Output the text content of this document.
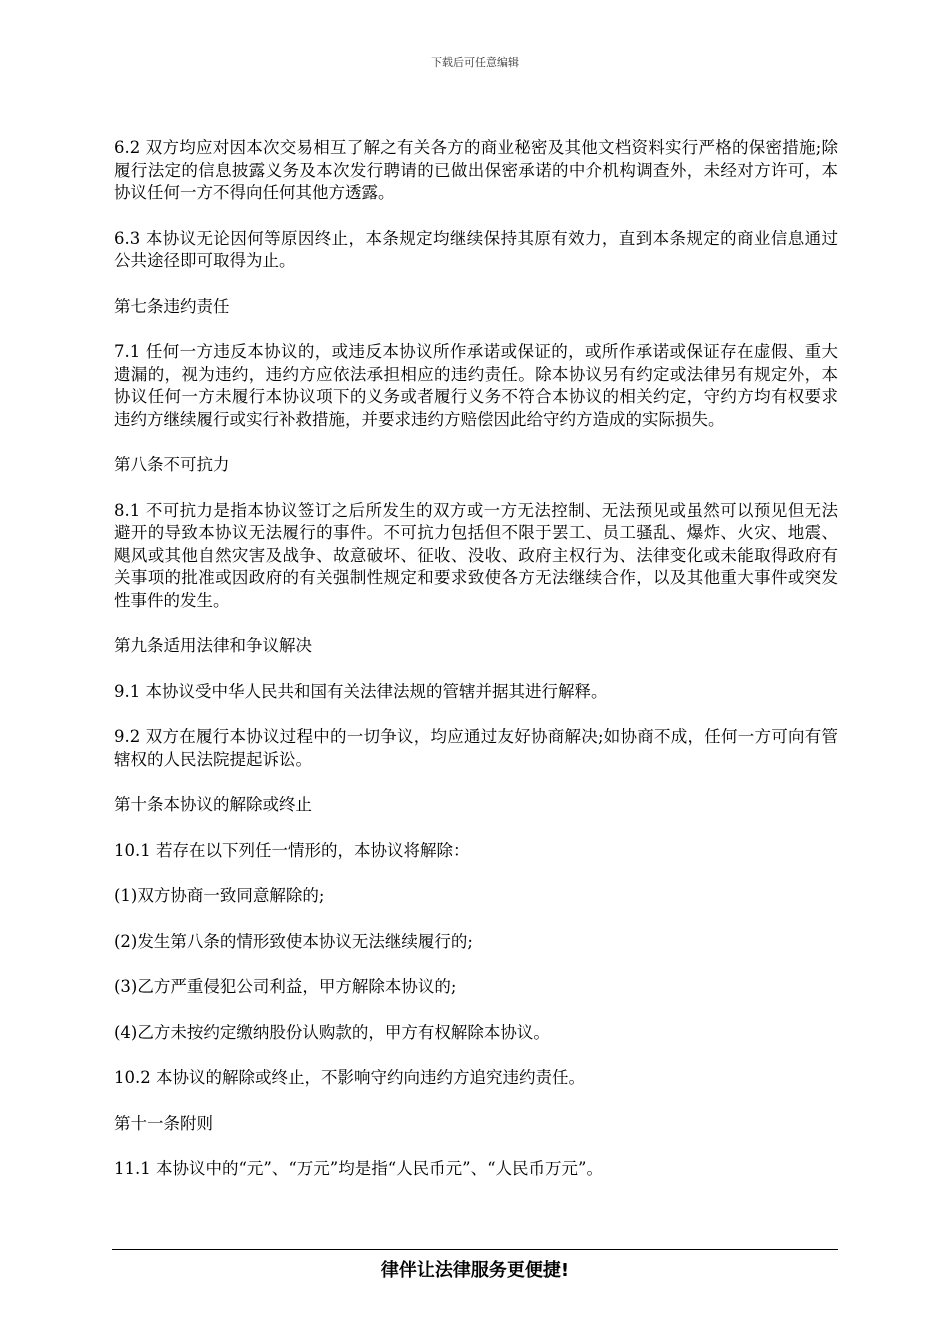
下载后可任意编辑

6.2 双方均应对因本次交易相互了解之有关各方的商业秘密及其他文档资料实行严格的保密措施;除履行法定的信息披露义务及本次发行聘请的已做出保密承诺的中介机构调查外，未经对方许可，本协议任何一方不得向任何其他方透露。

6.3 本协议无论因何等原因终止，本条规定均继续保持其原有效力，直到本条规定的商业信息通过公共途径即可取得为止。

第七条违约责任

7.1 任何一方违反本协议的，或违反本协议所作承诺或保证的，或所作承诺或保证存在虚假、重大遗漏的，视为违约，违约方应依法承担相应的违约责任。除本协议另有约定或法律另有规定外，本协议任何一方未履行本协议项下的义务或者履行义务不符合本协议的相关约定，守约方均有权要求违约方继续履行或实行补救措施，并要求违约方赔偿因此给守约方造成的实际损失。

第八条不可抗力

8.1 不可抗力是指本协议签订之后所发生的双方或一方无法控制、无法预见或虽然可以预见但无法避开的导致本协议无法履行的事件。不可抗力包括但不限于罢工、员工骚乱、爆炸、火灾、地震、飓风或其他自然灾害及战争、故意破坏、征收、没收、政府主权行为、法律变化或未能取得政府有关事项的批准或因政府的有关强制性规定和要求致使各方无法继续合作，以及其他重大事件或突发性事件的发生。

第九条适用法律和争议解决

9.1 本协议受中华人民共和国有关法律法规的管辖并据其进行解释。

9.2 双方在履行本协议过程中的一切争议，均应通过友好协商解决;如协商不成，任何一方可向有管辖权的人民法院提起诉讼。

第十条本协议的解除或终止

10.1 若存在以下列任一情形的，本协议将解除：

(1)双方协商一致同意解除的;

(2)发生第八条的情形致使本协议无法继续履行的;

(3)乙方严重侵犯公司利益，甲方解除本协议的;

(4)乙方未按约定缴纳股份认购款的，甲方有权解除本协议。

10.2 本协议的解除或终止，不影响守约向违约方追究违约责任。

第十一条附则

11.1 本协议中的“元”、“万元”均是指“人民币元”、“人民币万元”。

律伴让法律服务更便捷!
